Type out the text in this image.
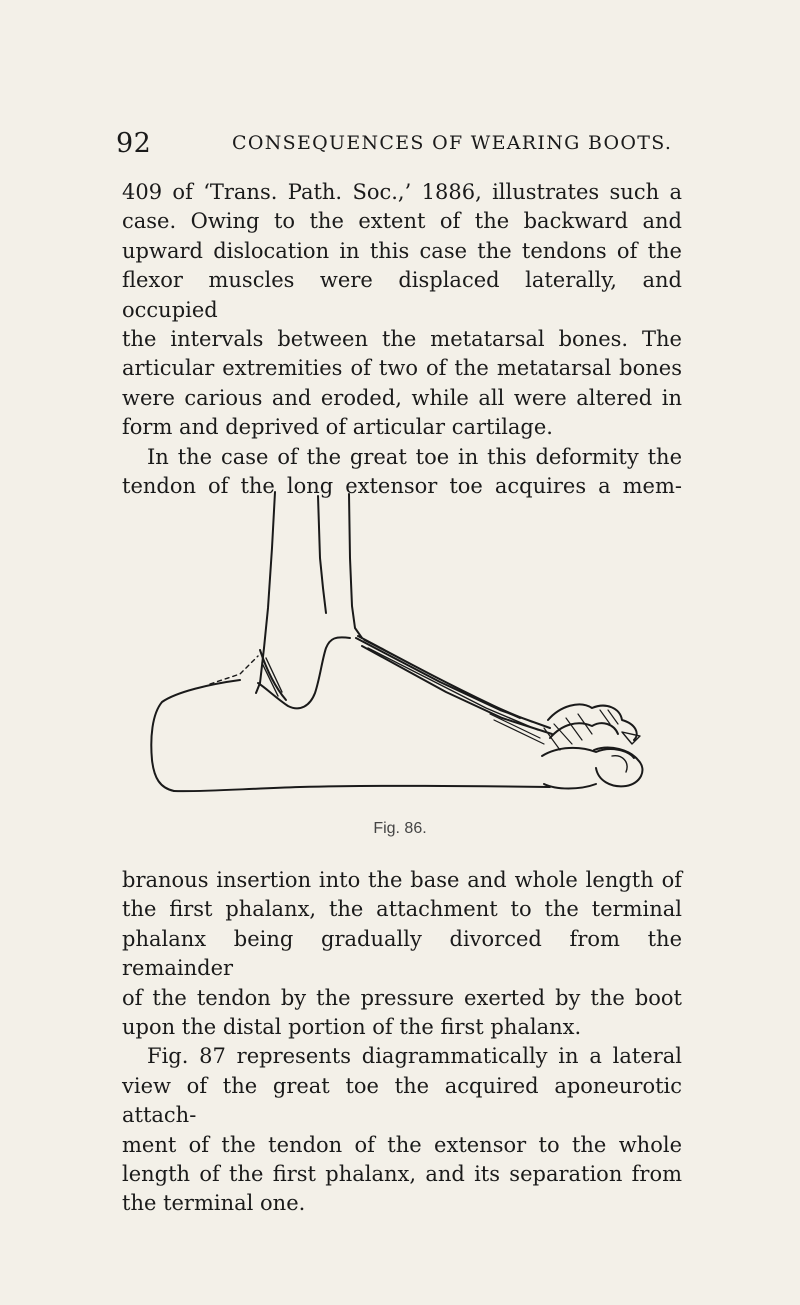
92	CONSEQUENCES OF WEARING BOOTS.

409 of ‘Trans. Path. Soc.,’ 1886, illustrates such a

case. Owing to the extent of the backward and

upward dislocation in this case the tendons of the

flexor muscles were displaced laterally, and occupied

the intervals between the metatarsal bones. The

articular extremities of two of the metatarsal bones

were carious and eroded, while all were altered in

form and deprived of articular cartilage.

In the case of the great toe in this deformity the

tendon of the long extensor toe acquires a mem-

Fig. 86.

branous insertion into the base and whole length of

the first phalanx, the attachment to the terminal

phalanx being gradually divorced from the remainder

of the tendon by the pressure exerted by the boot

upon the distal portion of the first phalanx.

Fig. 87 represents diagrammatically in a lateral

view of the great toe the acquired aponeurotic attach-

ment of the tendon of the extensor to the whole

length of the first phalanx, and its separation from

the terminal one.
